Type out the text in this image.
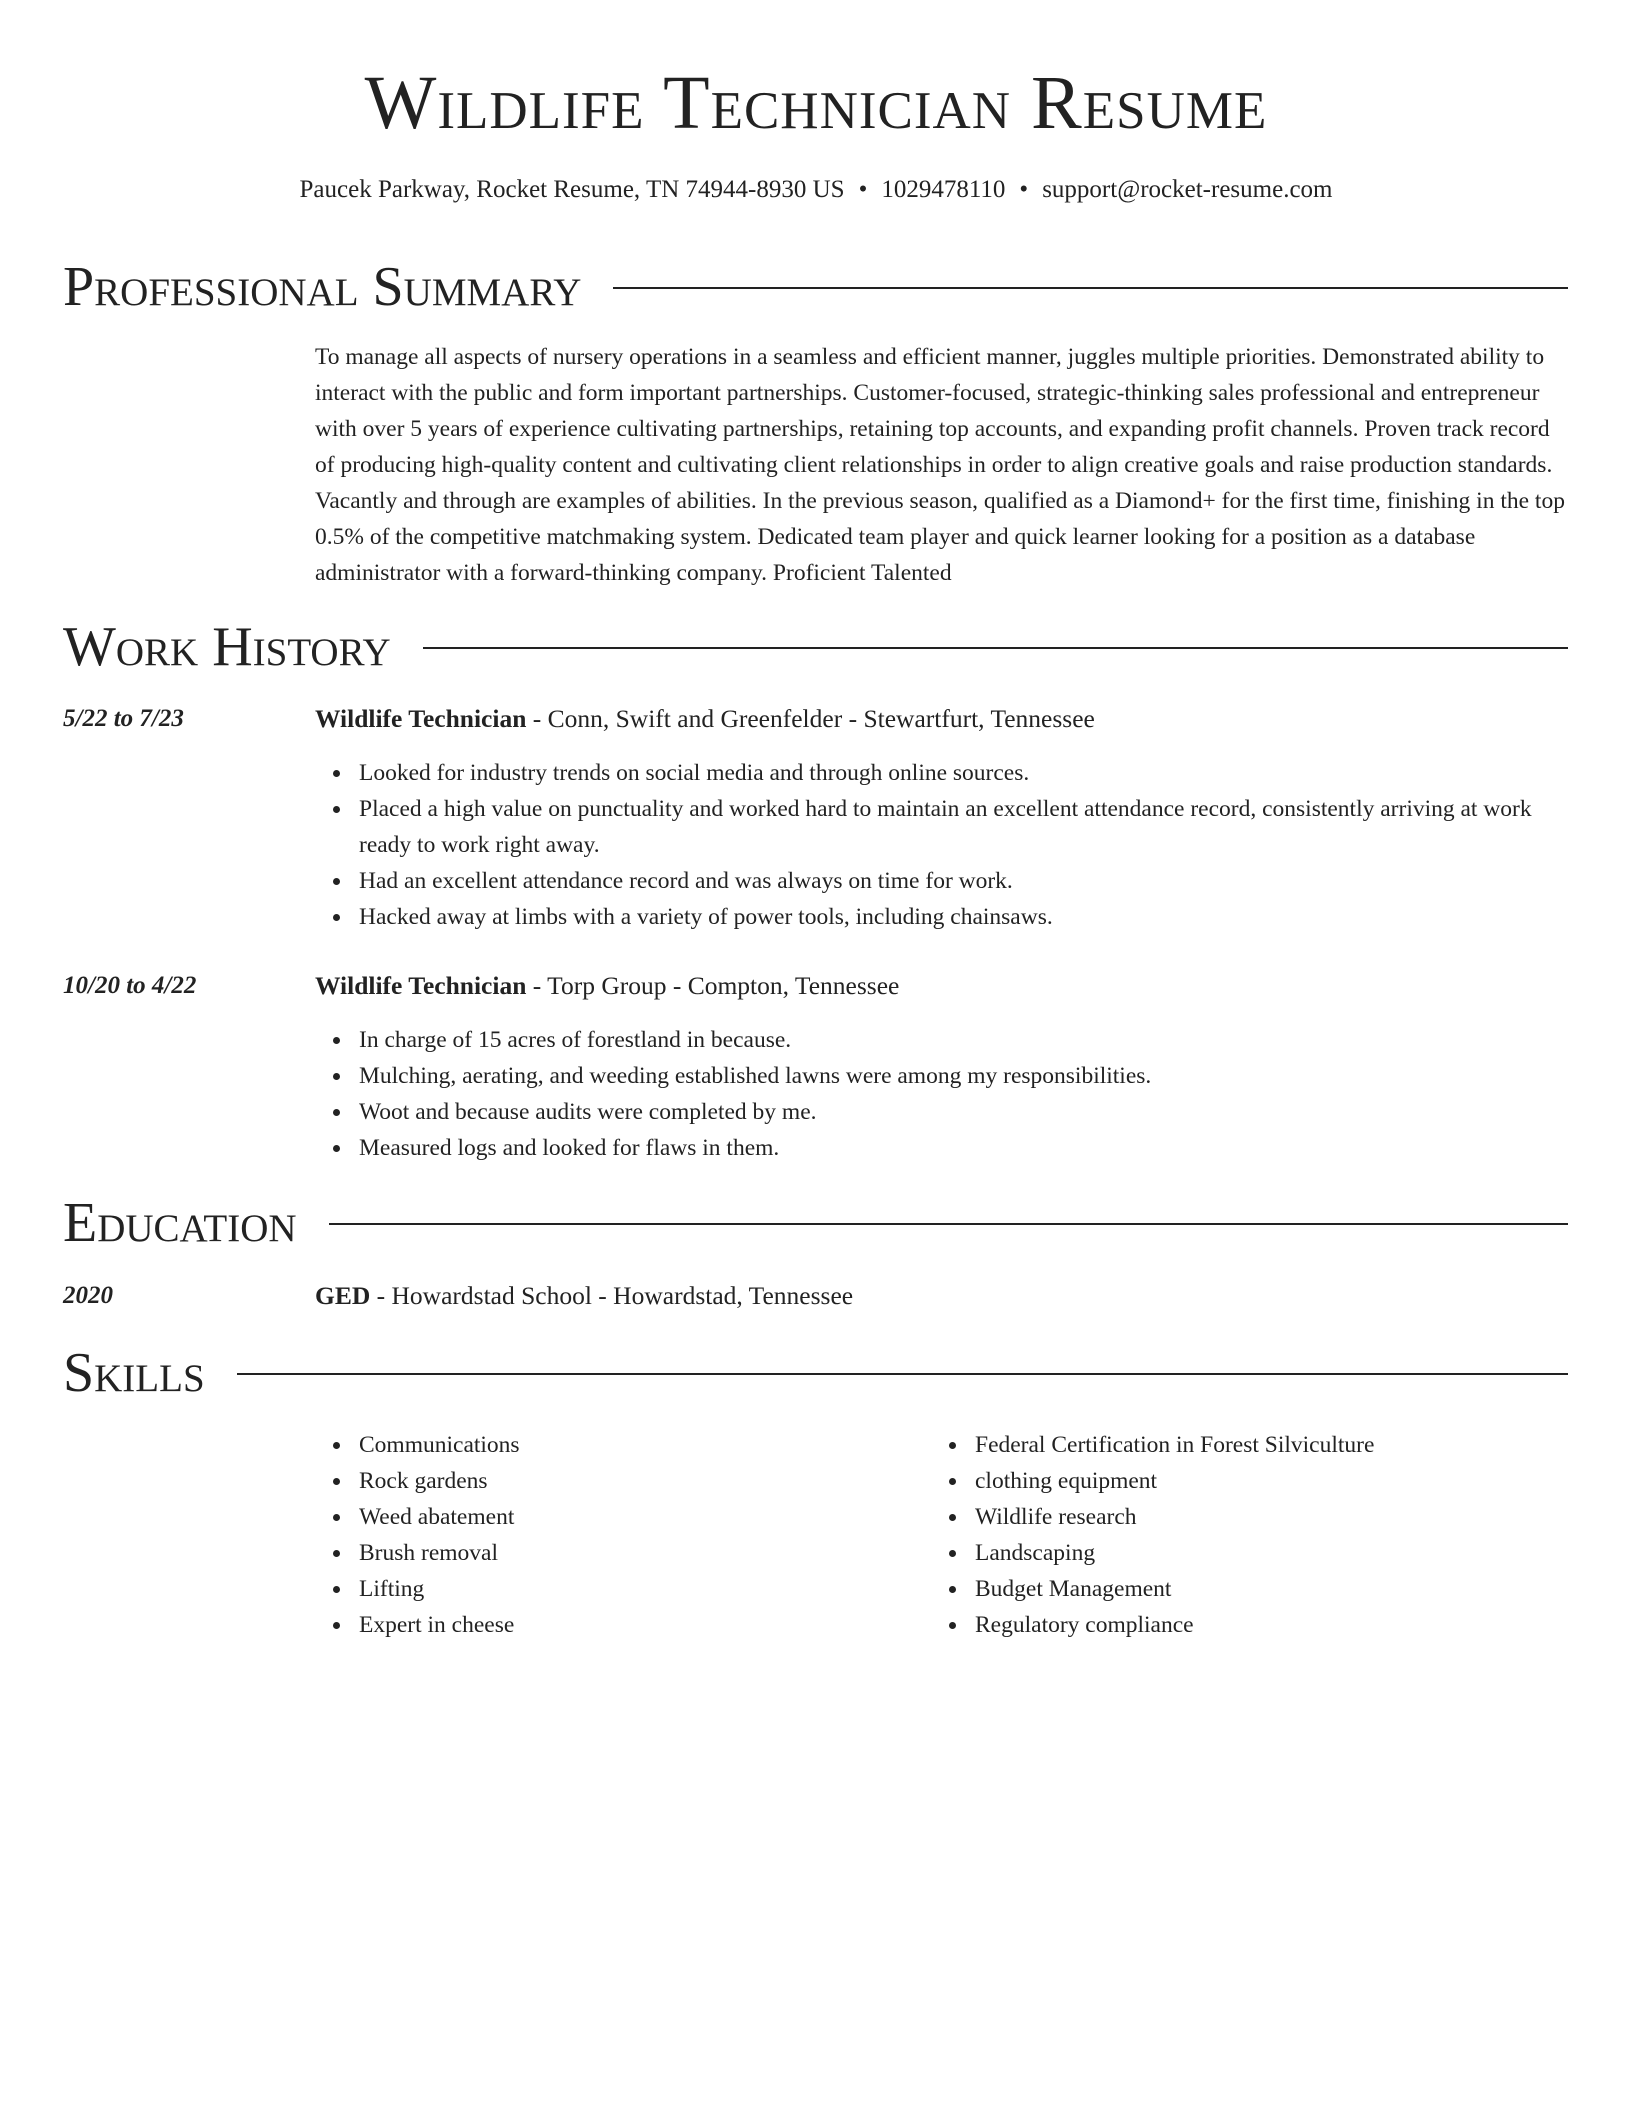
Wildlife Technician Resume
Paucek Parkway, Rocket Resume, TN 74944-8930 US • 1029478110 • support@rocket-resume.com
Professional Summary

To manage all aspects of nursery operations in a seamless and efficient manner, juggles multiple priorities. Demonstrated ability to interact with the public and form important partnerships. Customer-focused, strategic-thinking sales professional and entrepreneur with over 5 years of experience cultivating partnerships, retaining top accounts, and expanding profit channels. Proven track record of producing high-quality content and cultivating client relationships in order to align creative goals and raise production standards. Vacantly and through are examples of abilities. In the previous season, qualified as a Diamond+ for the first time, finishing in the top 0.5% of the competitive matchmaking system. Dedicated team player and quick learner looking for a position as a database administrator with a forward-thinking company. Proficient Talented

Work History
5/22 to 7/23	Wildlife Technician - Conn, Swift and Greenfelder - Stewartfurt, Tennessee
Looked for industry trends on social media and through online sources.
Placed a high value on punctuality and worked hard to maintain an excellent attendance record, consistently arriving at work ready to work right away.
Had an excellent attendance record and was always on time for work.
Hacked away at limbs with a variety of power tools, including chainsaws.
10/20 to 4/22	Wildlife Technician - Torp Group - Compton, Tennessee
In charge of 15 acres of forestland in because.
Mulching, aerating, and weeding established lawns were among my responsibilities.
Woot and because audits were completed by me.
Measured logs and looked for flaws in them.
Education
2020	GED - Howardstad School - Howardstad, Tennessee
Skills
Communications
Rock gardens
Weed abatement
Brush removal
Lifting
Expert in cheese
Federal Certification in Forest Silviculture
clothing equipment
Wildlife research
Landscaping
Budget Management
Regulatory compliance
